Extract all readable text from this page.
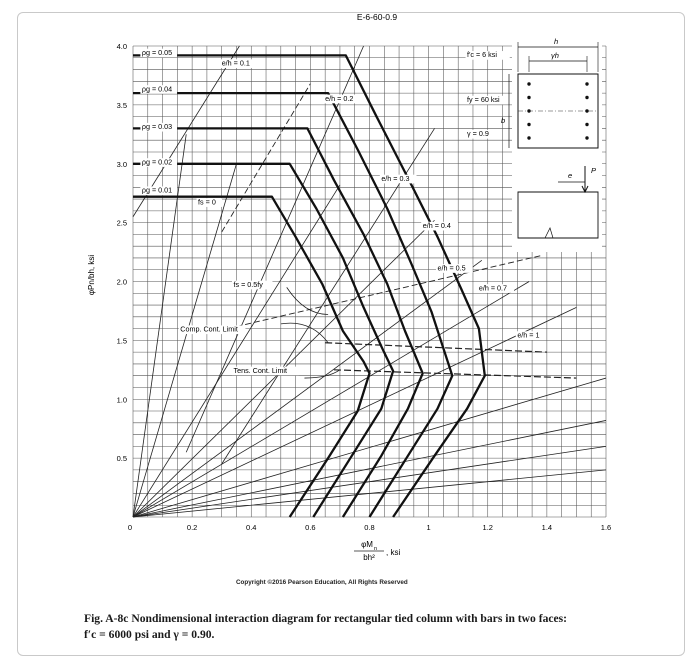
0	0.2	0.4	0.6	0.8	1	1.2	1.4	1.6
0.5
1.0
1.5
2.0
2.5
3.0
3.5
4.0
ρg = 0.01
ρg = 0.02
ρg = 0.03
ρg = 0.04
ρg = 0.05
e/h = 0.1
e/h = 0.2
e/h = 0.3
e/h = 0.4
e/h = 0.5
e/h = 0.7
e/h = 1
fs = 0
fs = 0.5fy
Comp. Cont. Limit
Tens. Cont. Limit
f′c = 6 ksi
fy = 60 ksi
γ = 0.9
h
γh
b
e
P
E-6-60-0.9
φPn/bh, ksi
φM n
bh²
, ksi
Copyright ©2016 Pearson Education, All Rights Reserved
Fig. A-8c Nondimensional interaction diagram for rectangular tied column with bars in two faces:
f′c = 6000 psi and γ = 0.90.
